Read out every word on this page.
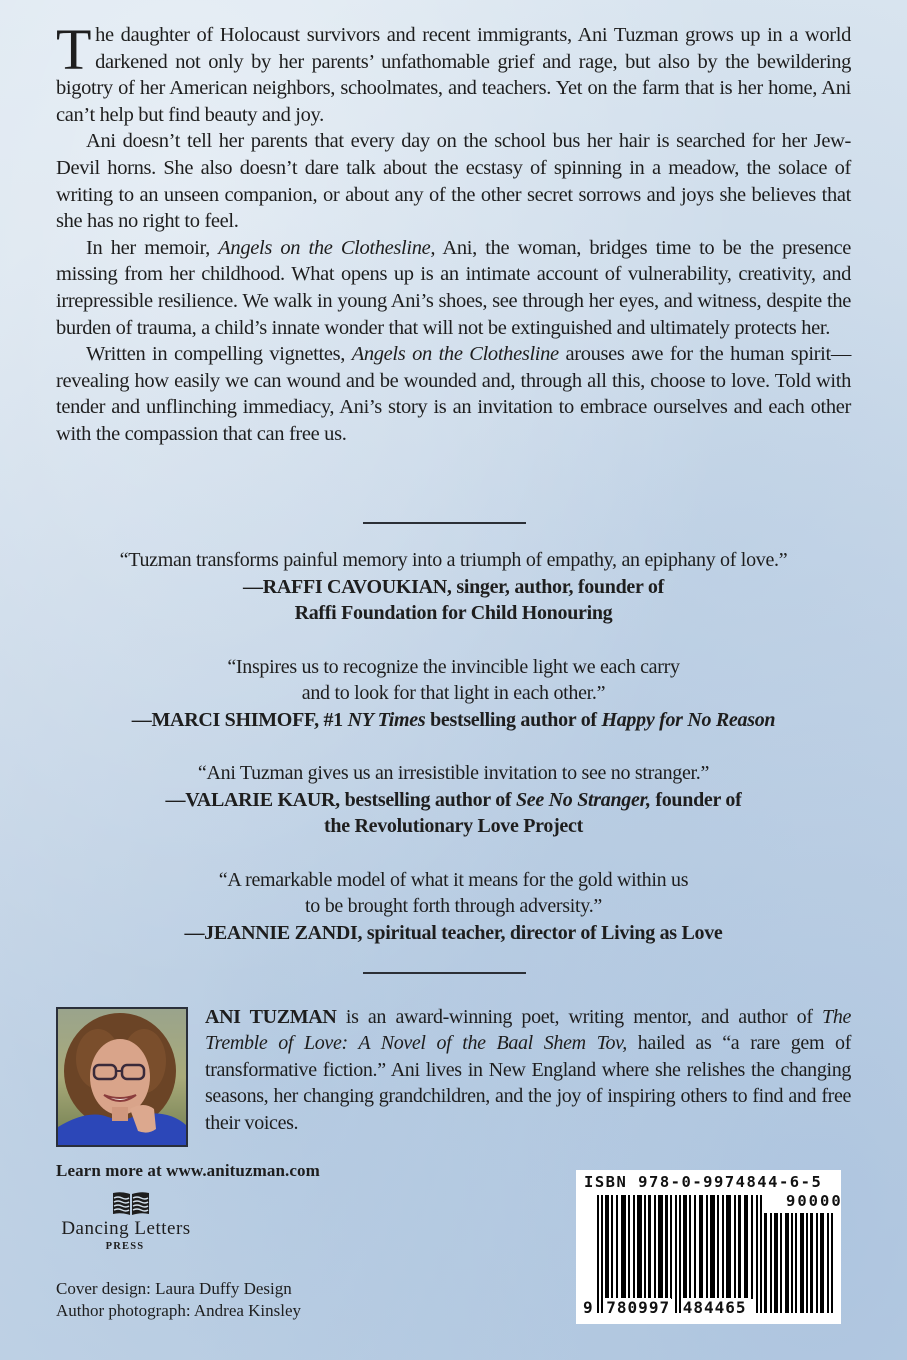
The daughter of Holocaust survivors and recent immigrants, Ani Tuzman grows up in a world darkened not only by her parents’ unfathomable grief and rage, but also by the bewildering bigotry of her American neighbors, schoolmates, and teachers. Yet on the farm that is her home, Ani can’t help but find beauty and joy.

Ani doesn’t tell her parents that every day on the school bus her hair is searched for her Jew-Devil horns. She also doesn’t dare talk about the ecstasy of spinning in a meadow, the solace of writing to an unseen companion, or about any of the other secret sorrows and joys she believes that she has no right to feel.

In her memoir, Angels on the Clothesline, Ani, the woman, bridges time to be the presence missing from her childhood. What opens up is an intimate account of vulnerability, creativity, and irrepressible resilience. We walk in young Ani’s shoes, see through her eyes, and witness, despite the burden of trauma, a child’s innate wonder that will not be extinguished and ultimately protects her.

Written in compelling vignettes, Angels on the Clothesline arouses awe for the human spirit—revealing how easily we can wound and be wounded and, through all this, choose to love. Told with tender and unflinching immediacy, Ani’s story is an invitation to embrace ourselves and each other with the compassion that can free us.

“Tuzman transforms painful memory into a triumph of empathy, an epiphany of love.”
—RAFFI CAVOUKIAN, singer, author, founder of
Raffi Foundation for Child Honouring
“Inspires us to recognize the invincible light we each carry
and to look for that light in each other.”
—MARCI SHIMOFF, #1 NY Times bestselling author of Happy for No Reason
“Ani Tuzman gives us an irresistible invitation to see no stranger.”
—VALARIE KAUR, bestselling author of See No Stranger, founder of
the Revolutionary Love Project
“A remarkable model of what it means for the gold within us
to be brought forth through adversity.”
—JEANNIE ZANDI, spiritual teacher, director of Living as Love
ANI TUZMAN is an award-winning poet, writing mentor, and author of The Tremble of Love: A Novel of the Baal Shem Tov, hailed as “a rare gem of transformative fiction.” Ani lives in New England where she relishes the changing seasons, her changing grandchildren, and the joy of inspiring others to find and free their voices.
Learn more at www.anituzman.com
Dancing Letters
PRESS
Cover design: Laura Duffy Design
Author photograph: Andrea Kinsley
ISBN 978-0-9974844-6-5
90000
9 780997 484465
